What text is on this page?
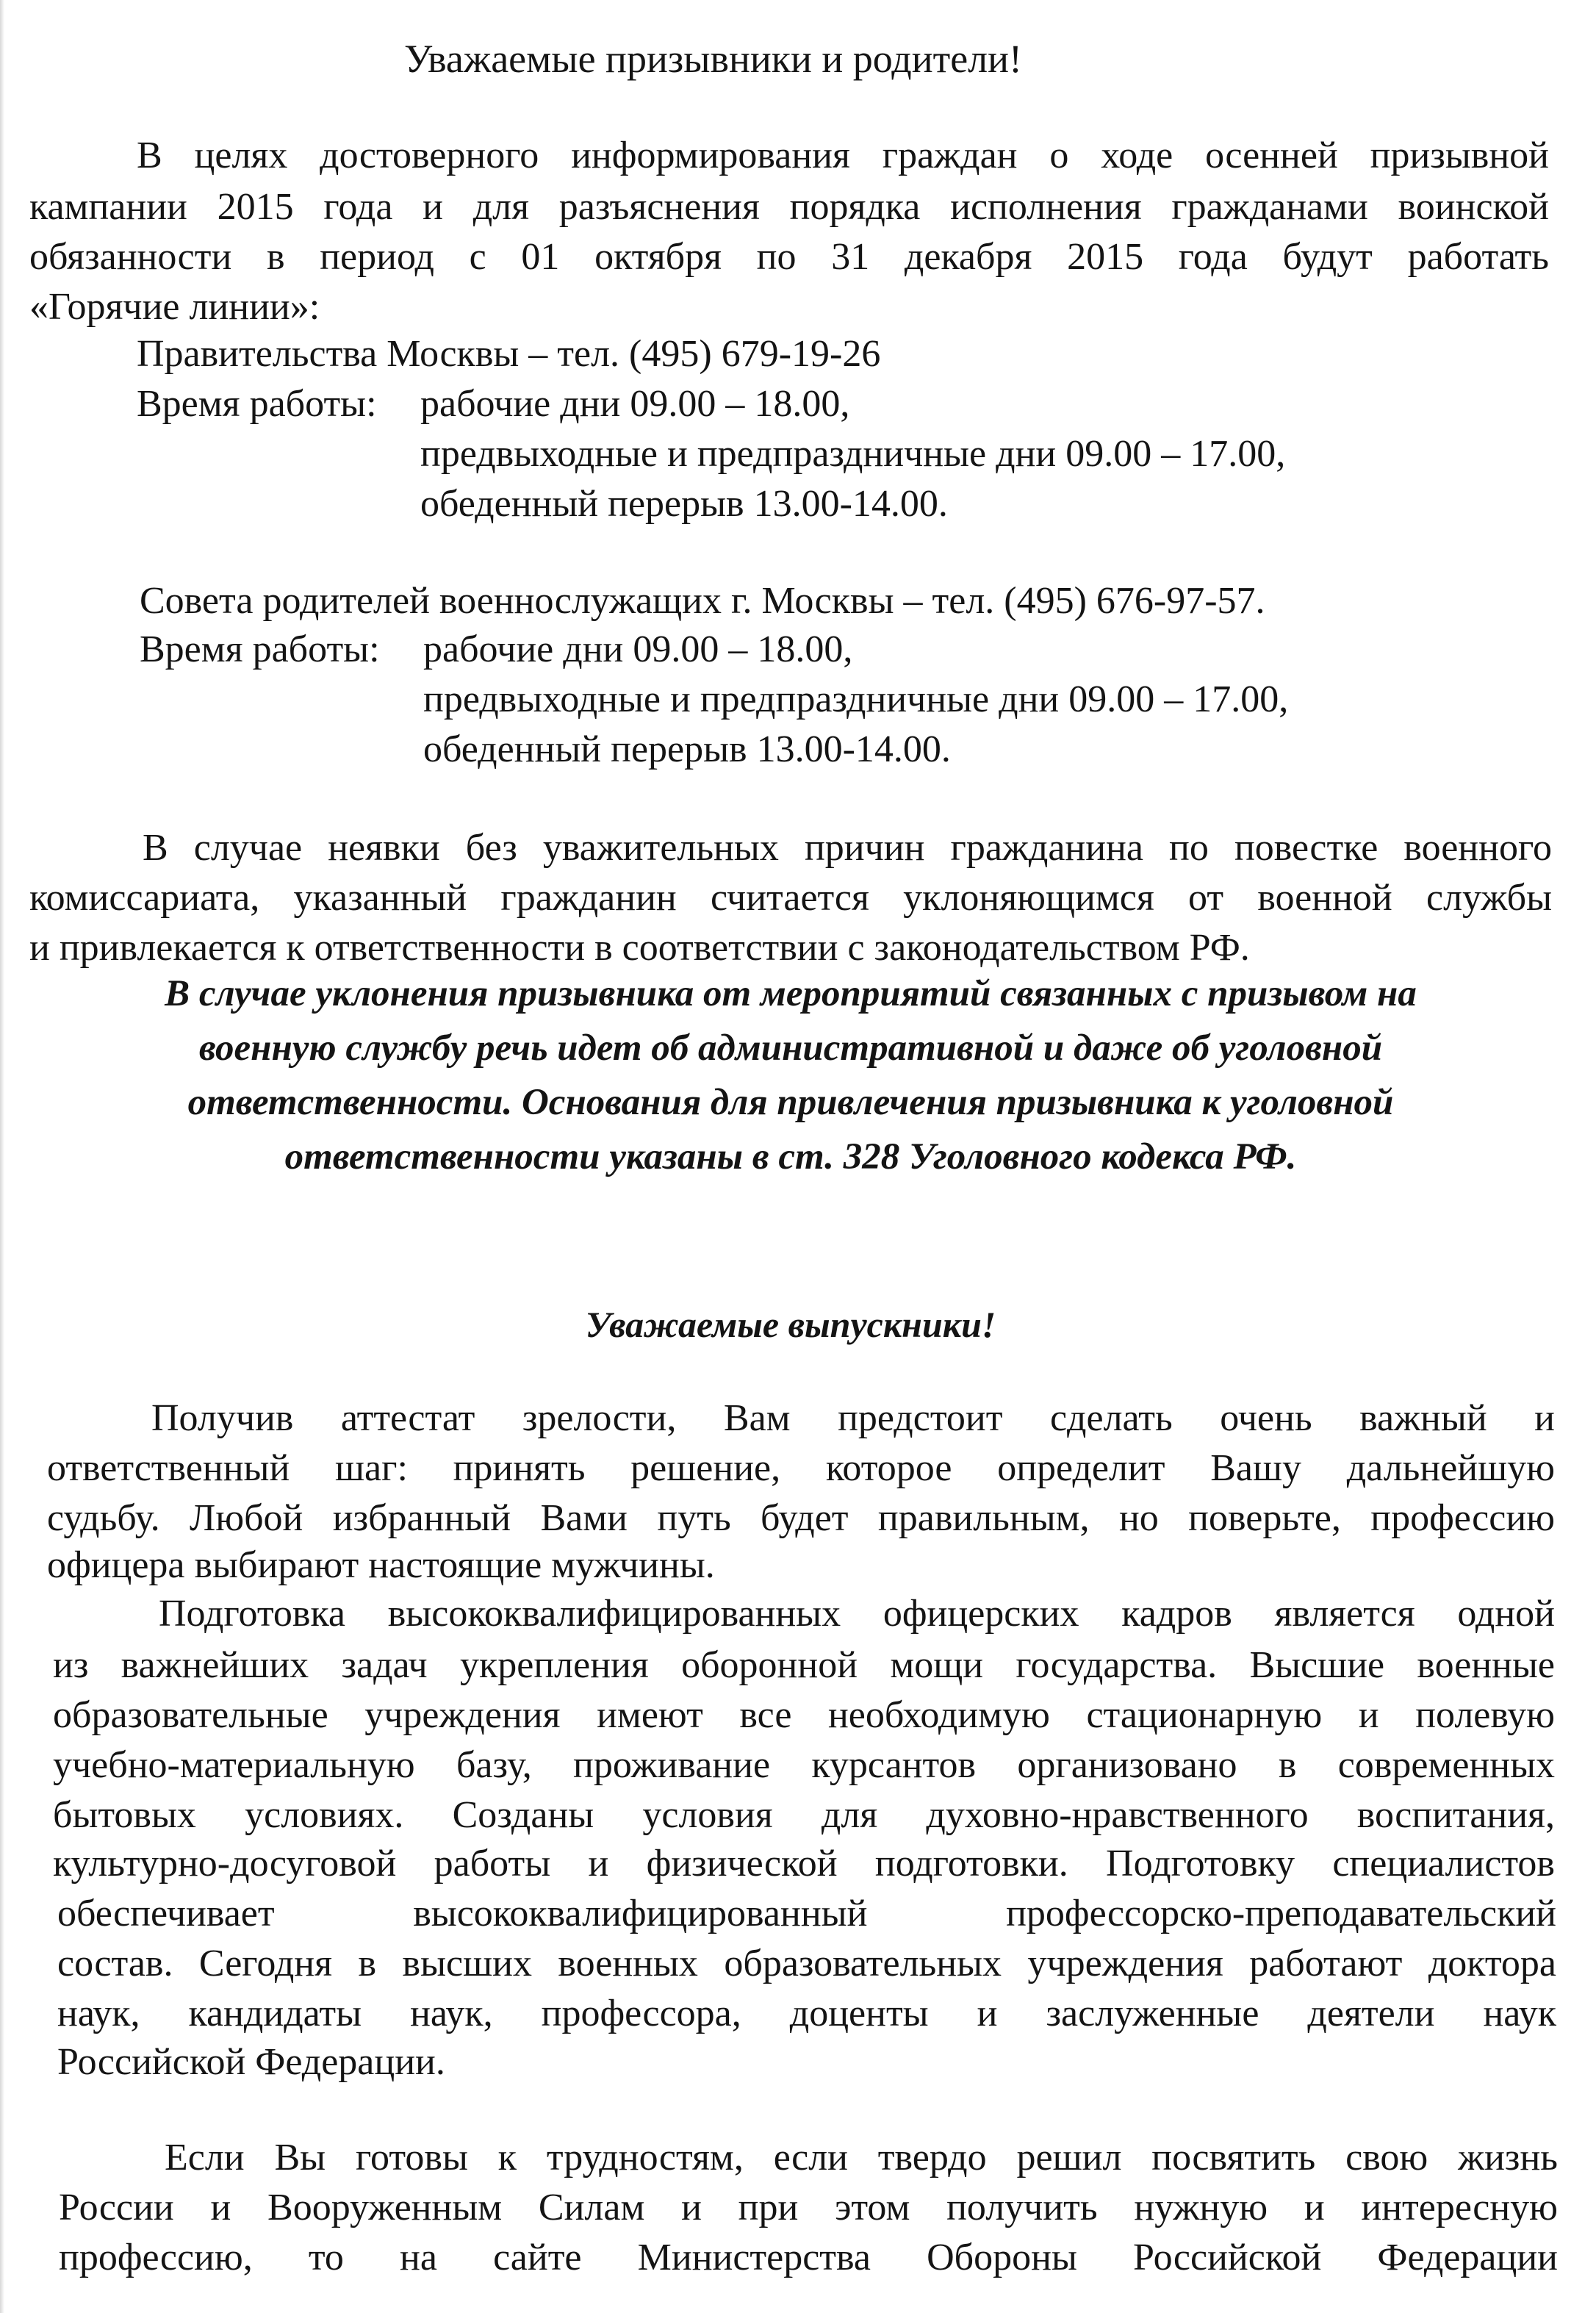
Уважаемые призывники и родители!
В целях достоверного информирования граждан о ходе осенней призывной
кампании 2015 года и для разъяснения порядка исполнения гражданами воинской
обязанности в период с 01 октября по 31 декабря 2015 года будут работать
«Горячие линии»:
Правительства Москвы – тел. (495) 679-19-26
Время работы: рабочие дни 09.00 – 18.00,
предвыходные и предпраздничные дни 09.00 – 17.00,
обеденный перерыв 13.00-14.00.
Совета родителей военнослужащих г. Москвы – тел. (495) 676-97-57.
Время работы: рабочие дни 09.00 – 18.00,
предвыходные и предпраздничные дни 09.00 – 17.00,
обеденный перерыв 13.00-14.00.
В случае неявки без уважительных причин гражданина по повестке военного
комиссариата, указанный гражданин считается уклоняющимся от военной службы
и привлекается к ответственности в соответствии с законодательством РФ.
В случае уклонения призывника от мероприятий связанных с призывом на
военную службу речь идет об административной и даже об уголовной
ответственности. Основания для привлечения призывника к уголовной
ответственности указаны в ст. 328 Уголовного кодекса РФ.
Уважаемые выпускники!
Получив аттестат зрелости, Вам предстоит сделать очень важный и
ответственный шаг: принять решение, которое определит Вашу дальнейшую
судьбу. Любой избранный Вами путь будет правильным, но поверьте, профессию
офицера выбирают настоящие мужчины.
Подготовка высококвалифицированных офицерских кадров является одной
из важнейших задач укрепления оборонной мощи государства. Высшие военные
образовательные учреждения имеют все необходимую стационарную и полевую
учебно-материальную базу, проживание курсантов организовано в современных
бытовых условиях. Созданы условия для духовно-нравственного воспитания,
культурно-досуговой работы и физической подготовки. Подготовку специалистов
обеспечивает высококвалифицированный профессорско-преподавательский
состав. Сегодня в высших военных образовательных учреждения работают доктора
наук, кандидаты наук, профессора, доценты и заслуженные деятели наук
Российской Федерации.
Если Вы готовы к трудностям, если твердо решил посвятить свою жизнь
России и Вооруженным Силам и при этом получить нужную и интересную
профессию, то на сайте Министерства Обороны Российской Федерации
